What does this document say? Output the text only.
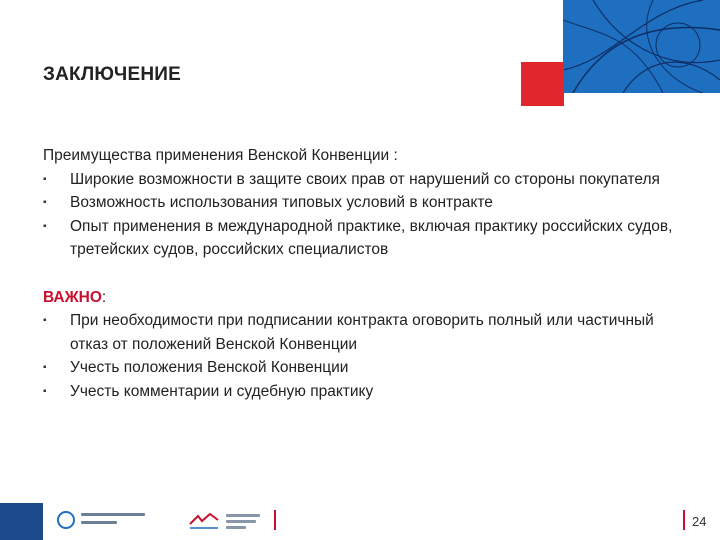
ЗАКЛЮЧЕНИЕ
Преимущества применения Венской Конвенции :
▪ Широкие возможности в защите своих прав от нарушений со стороны покупателя
▪ Возможность использования типовых условий в контракте
▪ Опыт применения в международной практике, включая практику российских судов, третейских судов, российских специалистов
ВАЖНО:
▪ При необходимости при подписании контракта оговорить полный или частичный отказ от положений Венской Конвенции
▪ Учесть положения Венской Конвенции
▪ Учесть комментарии и судебную практику
24
